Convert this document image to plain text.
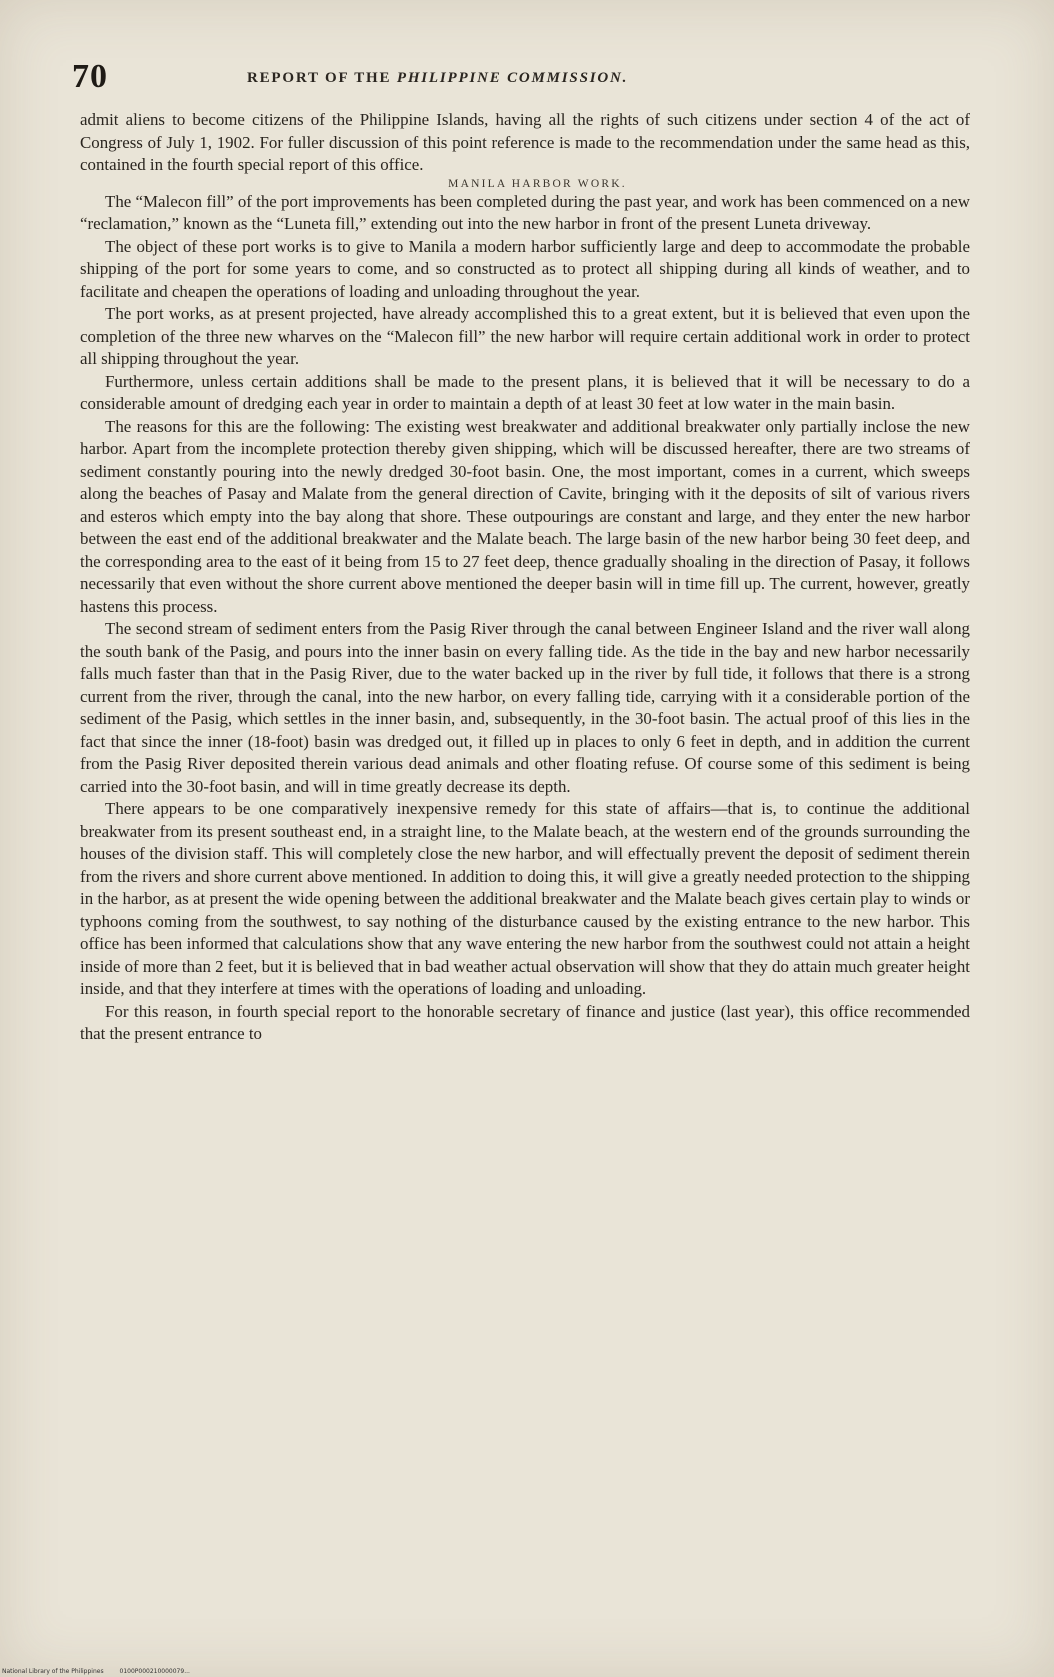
70	REPORT OF THE PHILIPPINE COMMISSION.

admit aliens to become citizens of the Philippine Islands, having all the rights of such citizens under section 4 of the act of Congress of July 1, 1902. For fuller discussion of this point reference is made to the recommendation under the same head as this, contained in the fourth special report of this office.

MANILA HARBOR WORK.

The “Malecon fill” of the port improvements has been completed during the past year, and work has been commenced on a new “reclamation,” known as the “Luneta fill,” extending out into the new harbor in front of the present Luneta driveway.

The object of these port works is to give to Manila a modern harbor sufficiently large and deep to accommodate the probable shipping of the port for some years to come, and so constructed as to protect all shipping during all kinds of weather, and to facilitate and cheapen the operations of loading and unloading throughout the year.

The port works, as at present projected, have already accomplished this to a great extent, but it is believed that even upon the completion of the three new wharves on the “Malecon fill” the new harbor will require certain additional work in order to protect all shipping throughout the year.

Furthermore, unless certain additions shall be made to the present plans, it is believed that it will be necessary to do a considerable amount of dredging each year in order to maintain a depth of at least 30 feet at low water in the main basin.

The reasons for this are the following: The existing west breakwater and additional breakwater only partially inclose the new harbor. Apart from the incomplete protection thereby given shipping, which will be discussed hereafter, there are two streams of sediment constantly pouring into the newly dredged 30-foot basin. One, the most important, comes in a current, which sweeps along the beaches of Pasay and Malate from the general direction of Cavite, bringing with it the deposits of silt of various rivers and esteros which empty into the bay along that shore. These outpourings are constant and large, and they enter the new harbor between the east end of the additional breakwater and the Malate beach. The large basin of the new harbor being 30 feet deep, and the corresponding area to the east of it being from 15 to 27 feet deep, thence gradually shoaling in the direction of Pasay, it follows necessarily that even without the shore current above mentioned the deeper basin will in time fill up. The current, however, greatly hastens this process.

The second stream of sediment enters from the Pasig River through the canal between Engineer Island and the river wall along the south bank of the Pasig, and pours into the inner basin on every falling tide. As the tide in the bay and new harbor necessarily falls much faster than that in the Pasig River, due to the water backed up in the river by full tide, it follows that there is a strong current from the river, through the canal, into the new harbor, on every falling tide, carrying with it a considerable portion of the sediment of the Pasig, which settles in the inner basin, and, subsequently, in the 30-foot basin. The actual proof of this lies in the fact that since the inner (18-foot) basin was dredged out, it filled up in places to only 6 feet in depth, and in addition the current from the Pasig River deposited therein various dead animals and other floating refuse. Of course some of this sediment is being carried into the 30-foot basin, and will in time greatly decrease its depth.

There appears to be one comparatively inexpensive remedy for this state of affairs—that is, to continue the additional breakwater from its present southeast end, in a straight line, to the Malate beach, at the western end of the grounds surrounding the houses of the division staff. This will completely close the new harbor, and will effectually prevent the deposit of sediment therein from the rivers and shore current above mentioned. In addition to doing this, it will give a greatly needed protection to the shipping in the harbor, as at present the wide opening between the additional breakwater and the Malate beach gives certain play to winds or typhoons coming from the southwest, to say nothing of the disturbance caused by the existing entrance to the new harbor. This office has been informed that calculations show that any wave entering the new harbor from the southwest could not attain a height inside of more than 2 feet, but it is believed that in bad weather actual observation will show that they do attain much greater height inside, and that they interfere at times with the operations of loading and unloading.

For this reason, in fourth special report to the honorable secretary of finance and justice (last year), this office recommended that the present entrance to

National Library of the Philippines	0100P000210000079...
